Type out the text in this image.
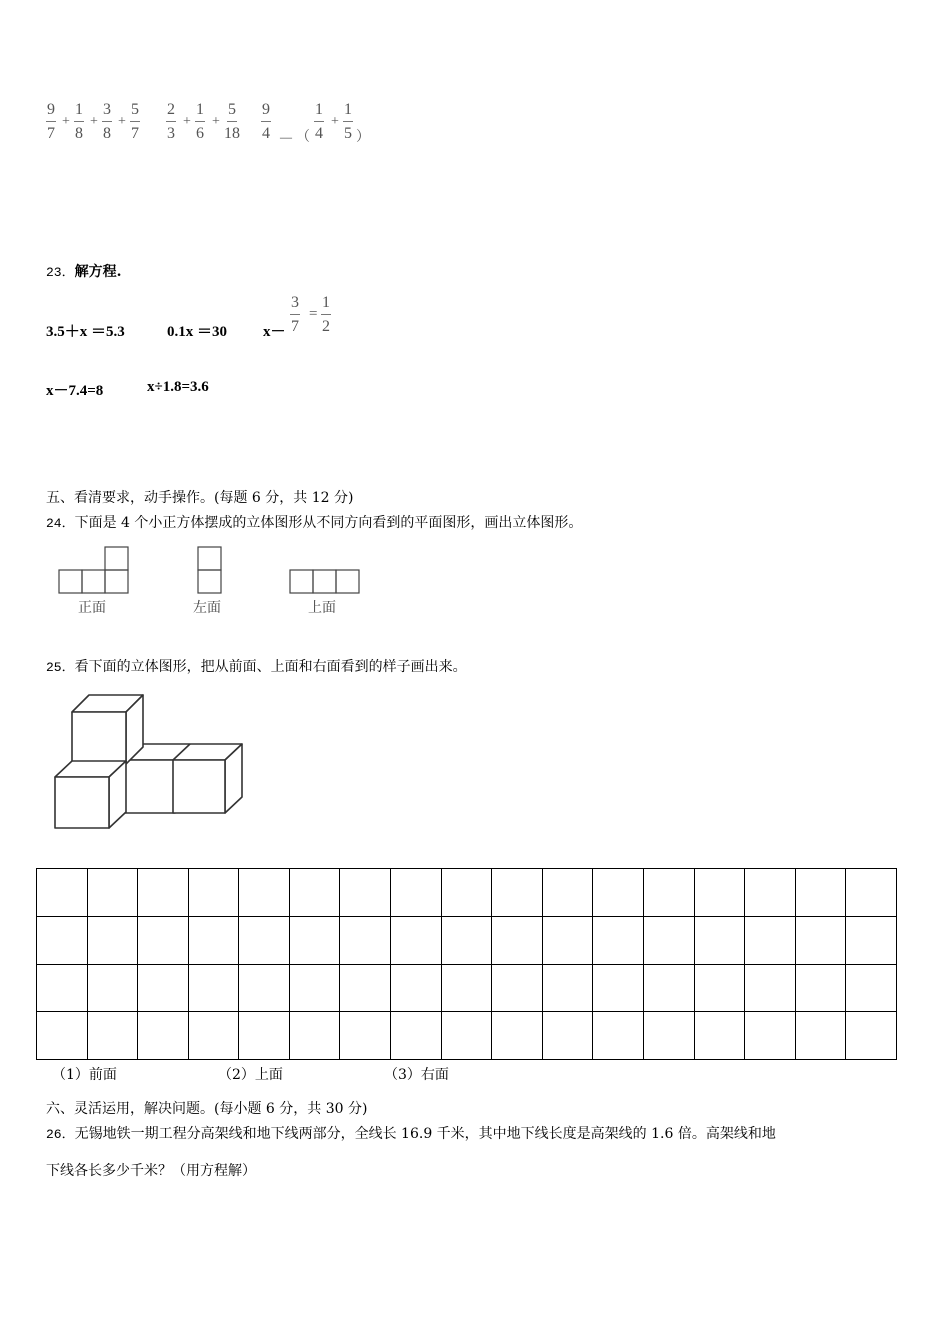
$\frac{9}{7} + \frac{1}{8} + \frac{3}{8} + \frac{5}{7} \frac{2}{3} + \frac{1}{6} + \frac{5}{18} \frac{9}{4}$ － （ $\frac{1}{4} + \frac{1}{5}$ ）
23．解方程.
3.5＋x ＝5.3	0.1x ＝30 $x- \frac{3}{7} = \frac{1}{2}$
x－7.4=8	x÷1.8=3.6
五、看清要求，动手操作。(每题 6 分，共 12 分)
24．下面是 4 个小正方体摆成的立体图形从不同方向看到的平面图形，画出立体图形。
正面	左面	上面
25．看下面的立体图形，把从前面、上面和右面看到的样子画出来。

（1）前面	（2）上面	（3）右面
六、灵活运用，解决问题。(每小题 6 分，共 30 分)
26．无锡地铁一期工程分高架线和地下线两部分，全线长 16.9 千米，其中地下线长度是高架线的 1.6 倍。高架线和地
下线各长多少千米？（用方程解）
